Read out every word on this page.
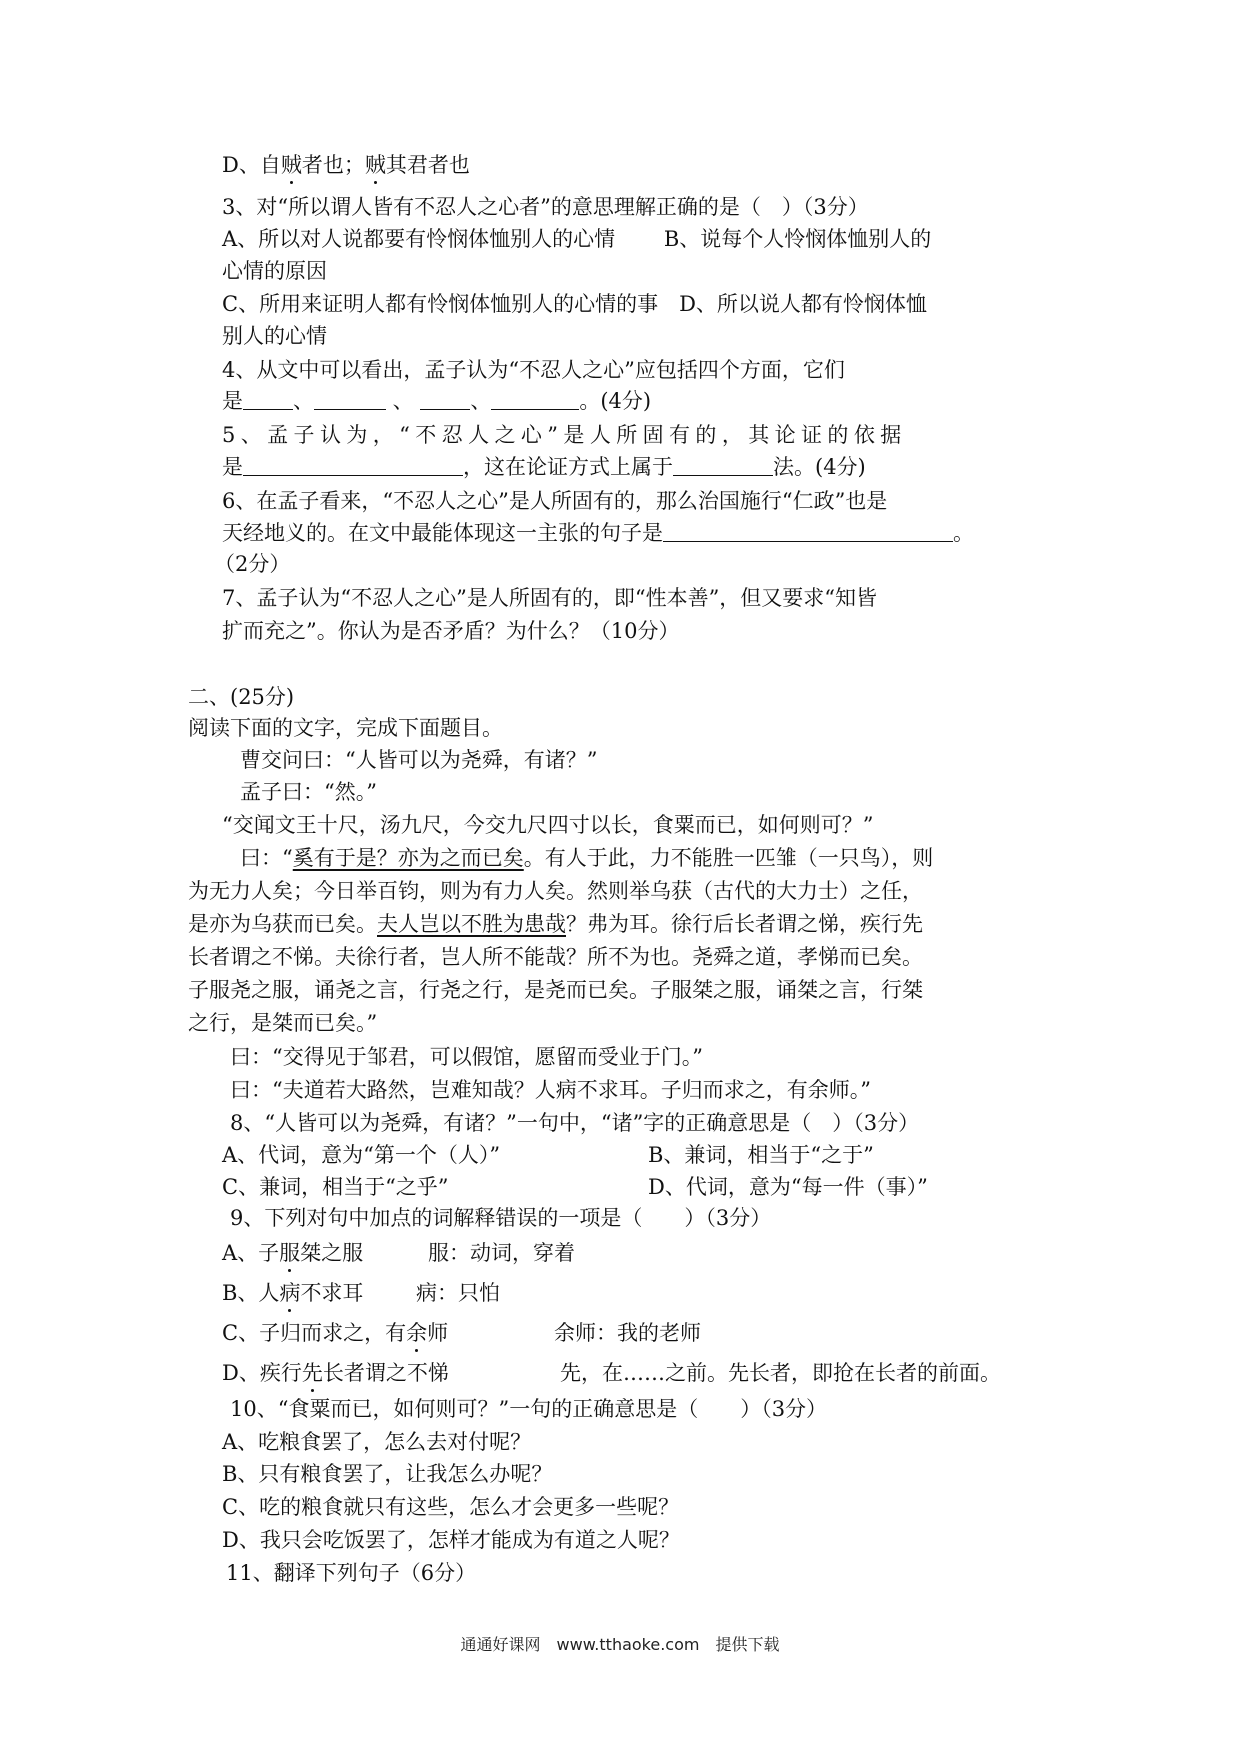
D、自贼者也；贼其君者也
3、对“所以谓人皆有不忍人之心者”的意思理解正确的是（　）（3分）
A、所以对人说都要有怜悯体恤别人的心情　　 B、说每个人怜悯体恤别人的
心情的原因
C、所用来证明人都有怜悯体恤别人的心情的事　D、所以说人都有怜悯体恤
别人的心情
4、从文中可以看出，孟子认为“不忍人之心”应包括四个方面，它们
是 、	、 、	。(4分)
5、孟子认为，“不忍人之心”是人所固有的，其论证的依据
是	，这在论证方式上属于	法。(4分)
6、在孟子看来，“不忍人之心”是人所固有的，那么治国施行“仁政”也是
天经地义的。在文中最能体现这一主张的句子是	。
（2分）
7、孟子认为“不忍人之心”是人所固有的，即“性本善”，但又要求“知皆
扩而充之”。你认为是否矛盾？为什么？（10分）
二、(25分)
阅读下面的文字，完成下面题目。
曹交问曰：“人皆可以为尧舜，有诸？”
孟子曰：“然。”
“交闻文王十尺，汤九尺，今交九尺四寸以长，食粟而已，如何则可？”
曰：“奚有于是？亦为之而已矣。有人于此，力不能胜一匹雏（一只鸟），则
为无力人矣；今日举百钧，则为有力人矣。然则举乌获（古代的大力士）之任，
是亦为乌获而已矣。夫人岂以不胜为患哉？弗为耳。徐行后长者谓之悌，疾行先
长者谓之不悌。夫徐行者，岂人所不能哉？所不为也。尧舜之道，孝悌而已矣。
子服尧之服，诵尧之言，行尧之行，是尧而已矣。子服桀之服，诵桀之言，行桀
之行，是桀而已矣。”
曰：“交得见于邹君，可以假馆，愿留而受业于门。”
曰：“夫道若大路然，岂难知哉？人病不求耳。子归而求之，有余师。”
8、“人皆可以为尧舜，有诸？”一句中，“诸”字的正确意思是（　）（3分）
A、代词，意为“第一个（人）”	B、兼词，相当于“之于”
C、兼词，相当于“之乎”	D、代词，意为“每一件（事）”
9、下列对句中加点的词解释错误的一项是（　　）（3分）
A、子服桀之服	服：动词，穿着
B、人病不求耳	病：只怕
C、子归而求之，有余师	余师：我的老师
D、疾行先长者谓之不悌	先，在……之前。先长者，即抢在长者的前面。
10、“食粟而已，如何则可？”一句的正确意思是（　　）（3分）
A、吃粮食罢了，怎么去对付呢？
B、只有粮食罢了，让我怎么办呢？
C、吃的粮食就只有这些，怎么才会更多一些呢？
D、我只会吃饭罢了，怎样才能成为有道之人呢？
11、翻译下列句子（6分）
通通好课网　www.tthaoke.com　提供下载
